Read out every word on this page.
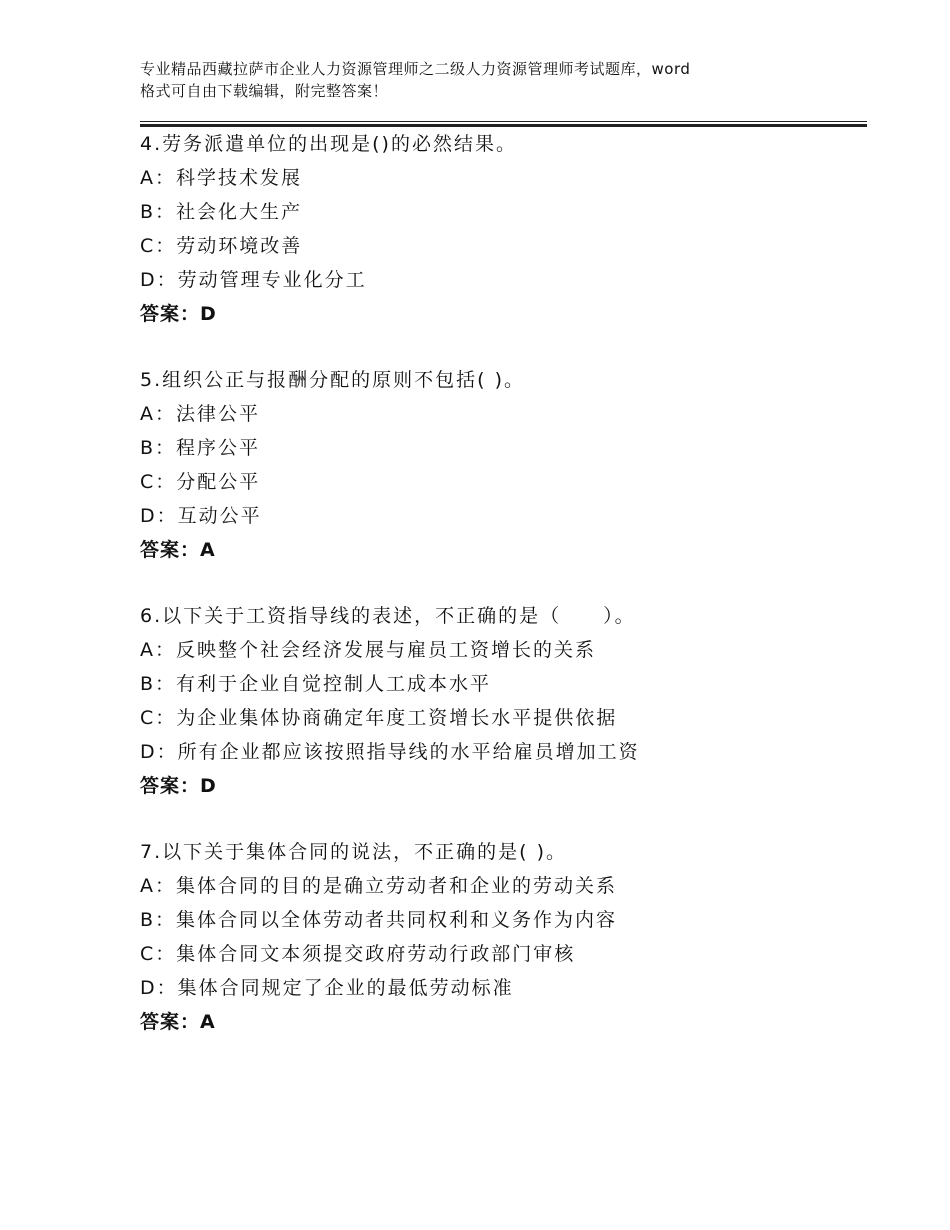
专业精品西藏拉萨市企业人力资源管理师之二级人力资源管理师考试题库，word
格式可自由下载编辑，附完整答案！
4.劳务派遣单位的出现是()的必然结果。
A：科学技术发展
B：社会化大生产
C：劳动环境改善
D：劳动管理专业化分工
答案：D
5.组织公正与报酬分配的原则不包括( )。
A：法律公平
B：程序公平
C：分配公平
D：互动公平
答案：A
6.以下关于工资指导线的表述，不正确的是（　　）。
A：反映整个社会经济发展与雇员工资增长的关系
B：有利于企业自觉控制人工成本水平
C：为企业集体协商确定年度工资增长水平提供依据
D：所有企业都应该按照指导线的水平给雇员增加工资
答案：D
7.以下关于集体合同的说法，不正确的是( )。
A：集体合同的目的是确立劳动者和企业的劳动关系
B：集体合同以全体劳动者共同权利和义务作为内容
C：集体合同文本须提交政府劳动行政部门审核
D：集体合同规定了企业的最低劳动标准
答案：A
